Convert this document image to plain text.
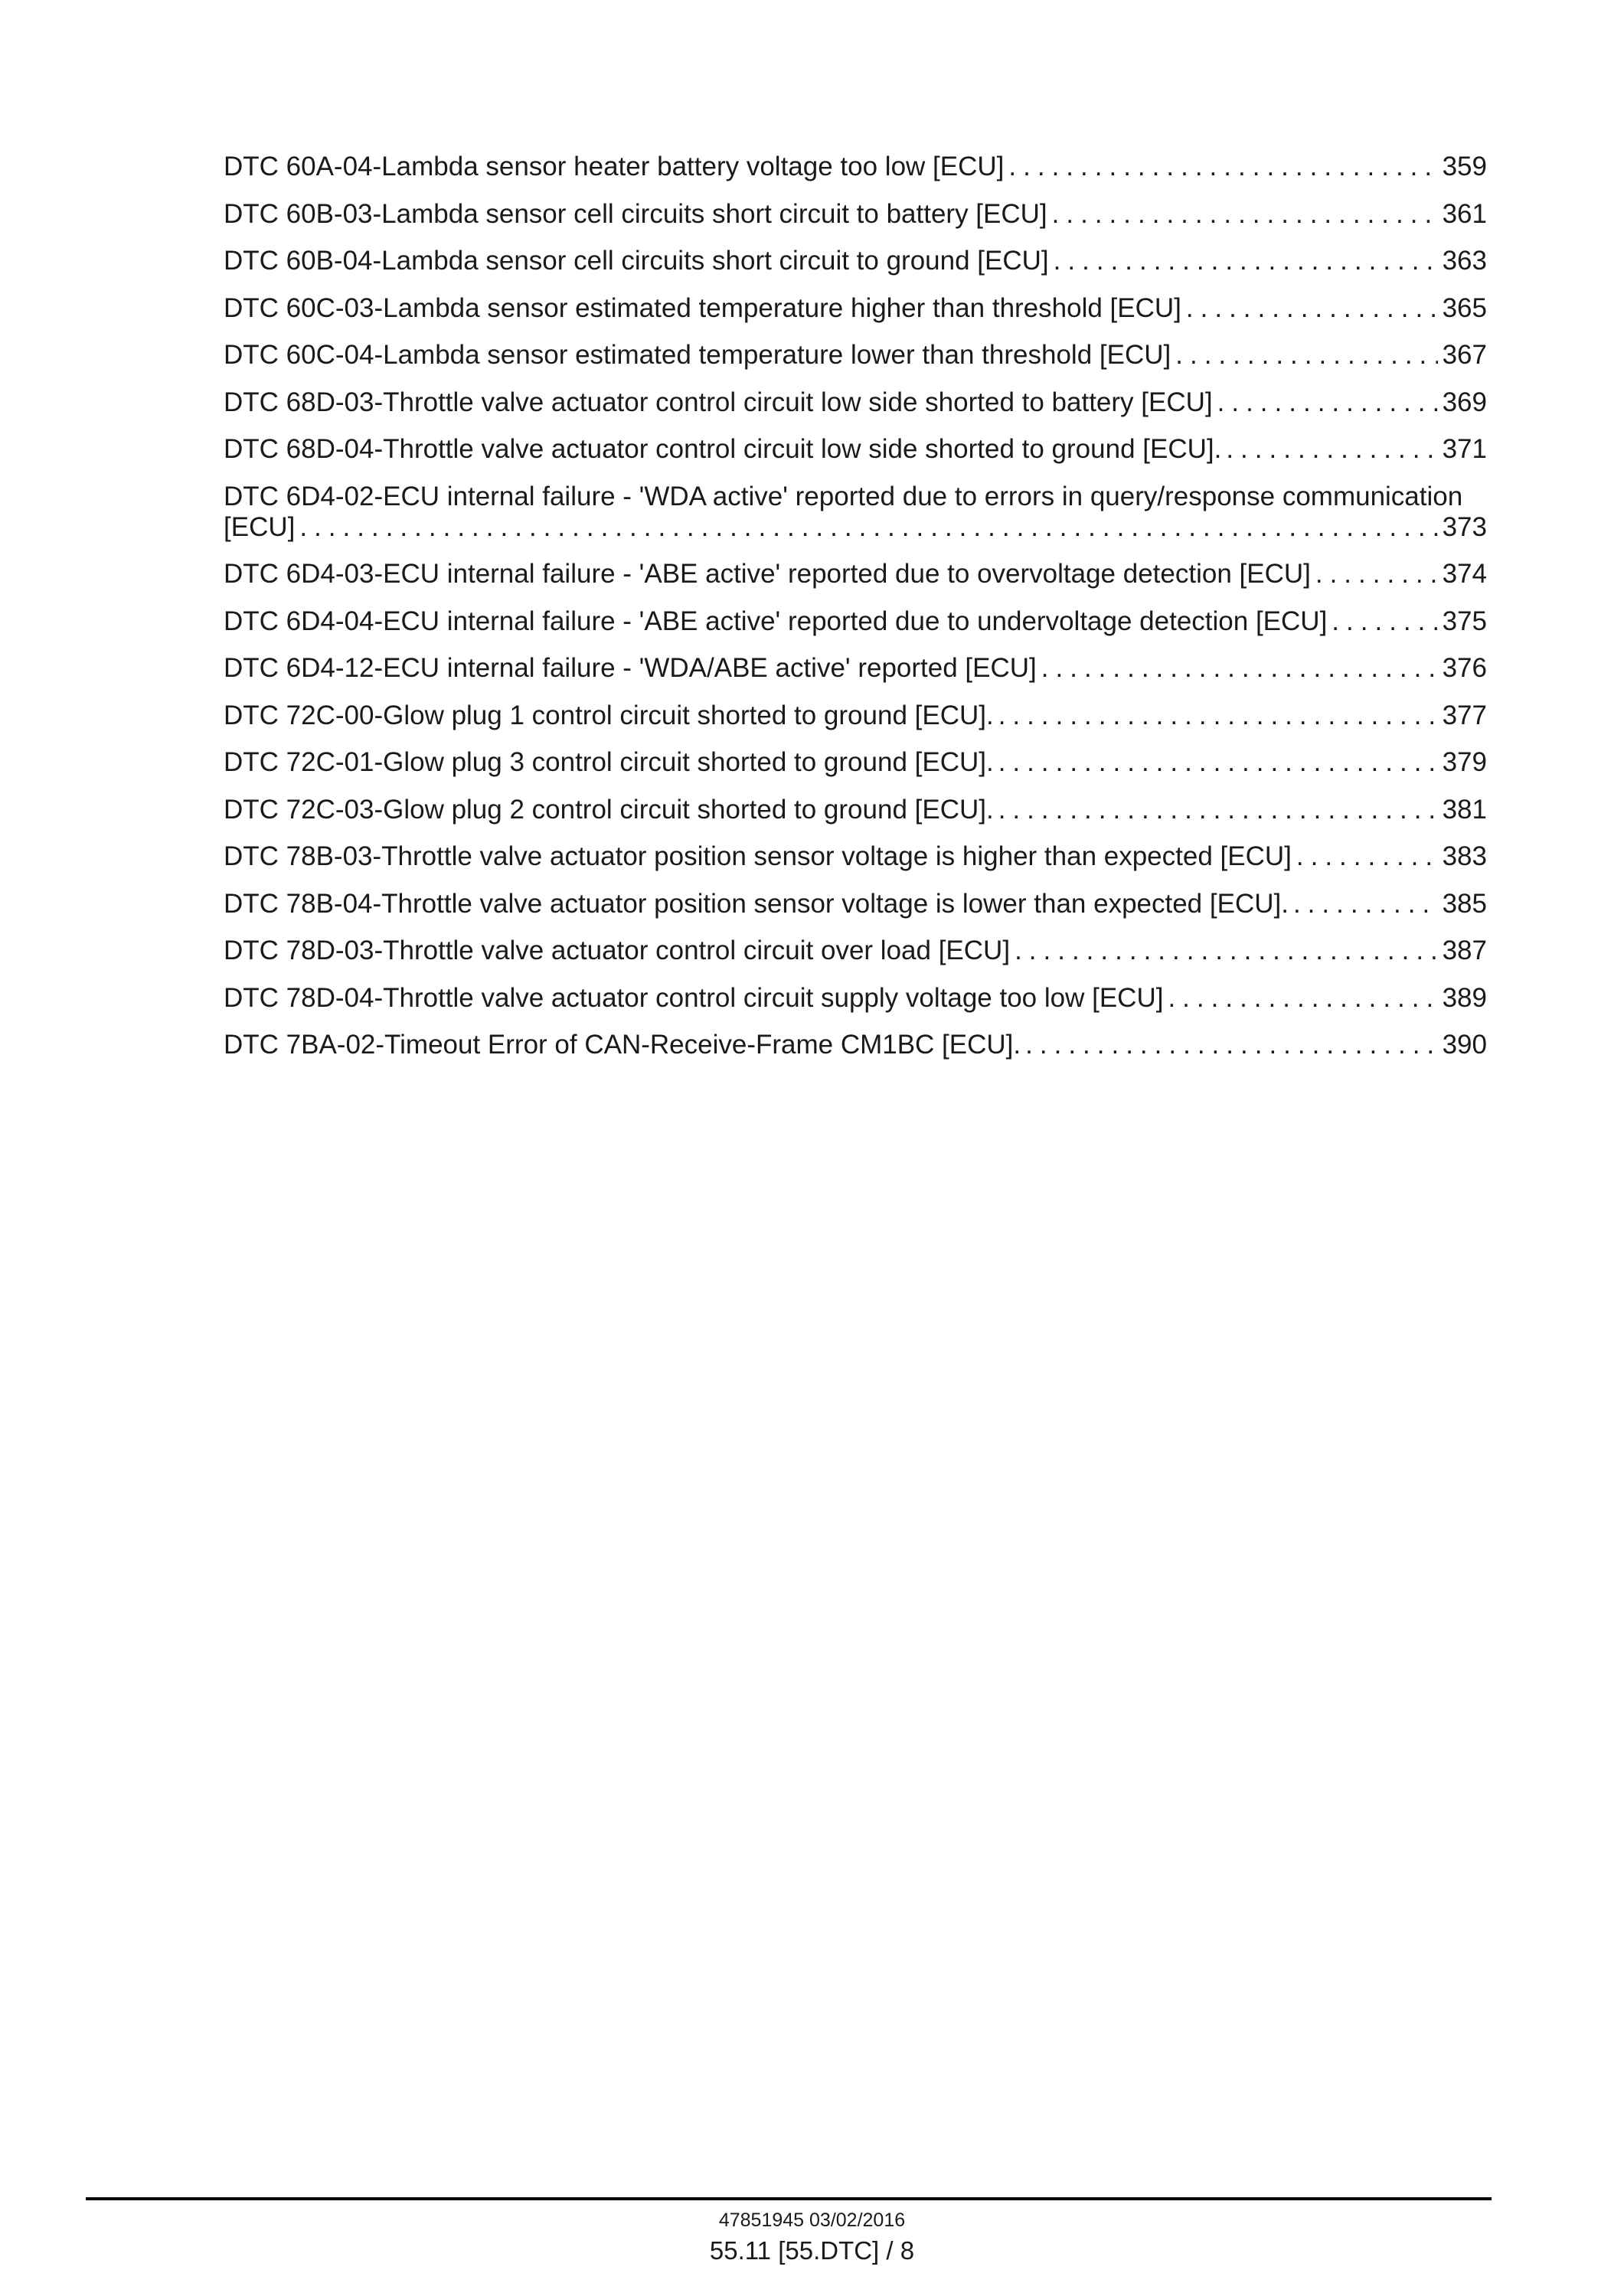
DTC 60A-04-Lambda sensor heater battery voltage too low [ECU] .....	359
DTC 60B-03-Lambda sensor cell circuits short circuit to battery [ECU] .....	361
DTC 60B-04-Lambda sensor cell circuits short circuit to ground [ECU] .....	363
DTC 60C-03-Lambda sensor estimated temperature higher than threshold [ECU] .....	365
DTC 60C-04-Lambda sensor estimated temperature lower than threshold [ECU] .....	367
DTC 68D-03-Throttle valve actuator control circuit low side shorted to battery [ECU] .....	369
DTC 68D-04-Throttle valve actuator control circuit low side shorted to ground [ECU]. .....	371
DTC 6D4-02-ECU internal failure - 'WDA active' reported due to errors in query/response communication
[ECU] .....	373
DTC 6D4-03-ECU internal failure - 'ABE active' reported due to overvoltage detection [ECU] .....	374
DTC 6D4-04-ECU internal failure - 'ABE active' reported due to undervoltage detection [ECU] .....	375
DTC 6D4-12-ECU internal failure - 'WDA/ABE active' reported [ECU] .....	376
DTC 72C-00-Glow plug 1 control circuit shorted to ground [ECU]. .....	377
DTC 72C-01-Glow plug 3 control circuit shorted to ground [ECU]. .....	379
DTC 72C-03-Glow plug 2 control circuit shorted to ground [ECU]. .....	381
DTC 78B-03-Throttle valve actuator position sensor voltage is higher than expected [ECU] .....	383
DTC 78B-04-Throttle valve actuator position sensor voltage is lower than expected [ECU]. .....	385
DTC 78D-03-Throttle valve actuator control circuit over load [ECU] .....	387
DTC 78D-04-Throttle valve actuator control circuit supply voltage too low [ECU] .....	389
DTC 7BA-02-Timeout Error of CAN-Receive-Frame CM1BC [ECU]. .....	390
47851945 03/02/2016
55.11 [55.DTC] / 8
